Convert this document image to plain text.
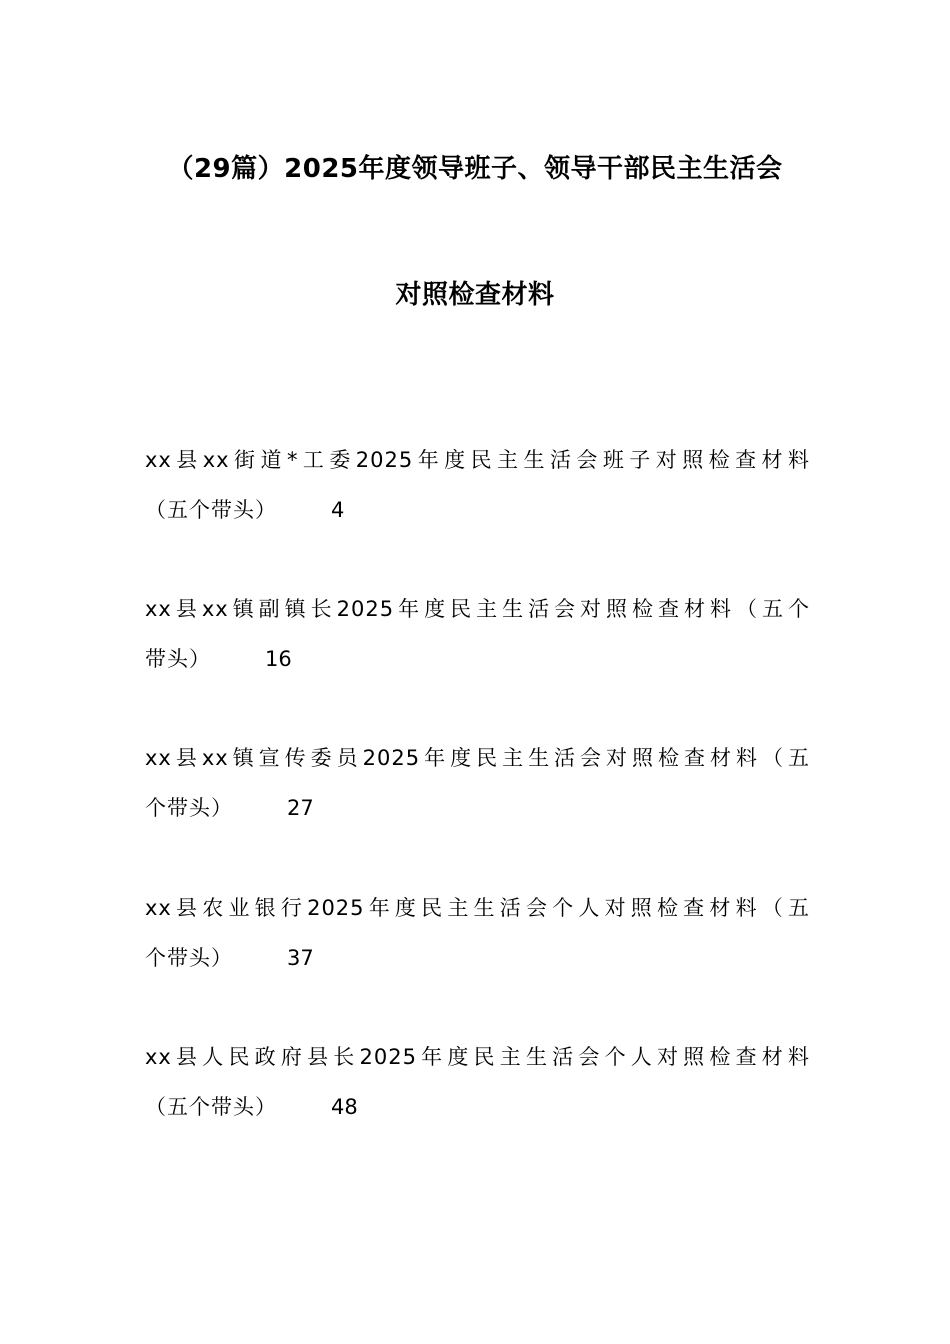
（29篇）2025年度领导班子、领导干部民主生活会
对照检查材料
xx县xx街道*工委2025年度民主生活会班子对照检查材料
（五个带头）	4
xx县xx镇副镇长2025年度民主生活会对照检查材料（五个
带头）	16
xx县xx镇宣传委员2025年度民主生活会对照检查材料（五
个带头）	27
xx县农业银行2025年度民主生活会个人对照检查材料（五
个带头）	37
xx县人民政府县长2025年度民主生活会个人对照检查材料
（五个带头）	48
